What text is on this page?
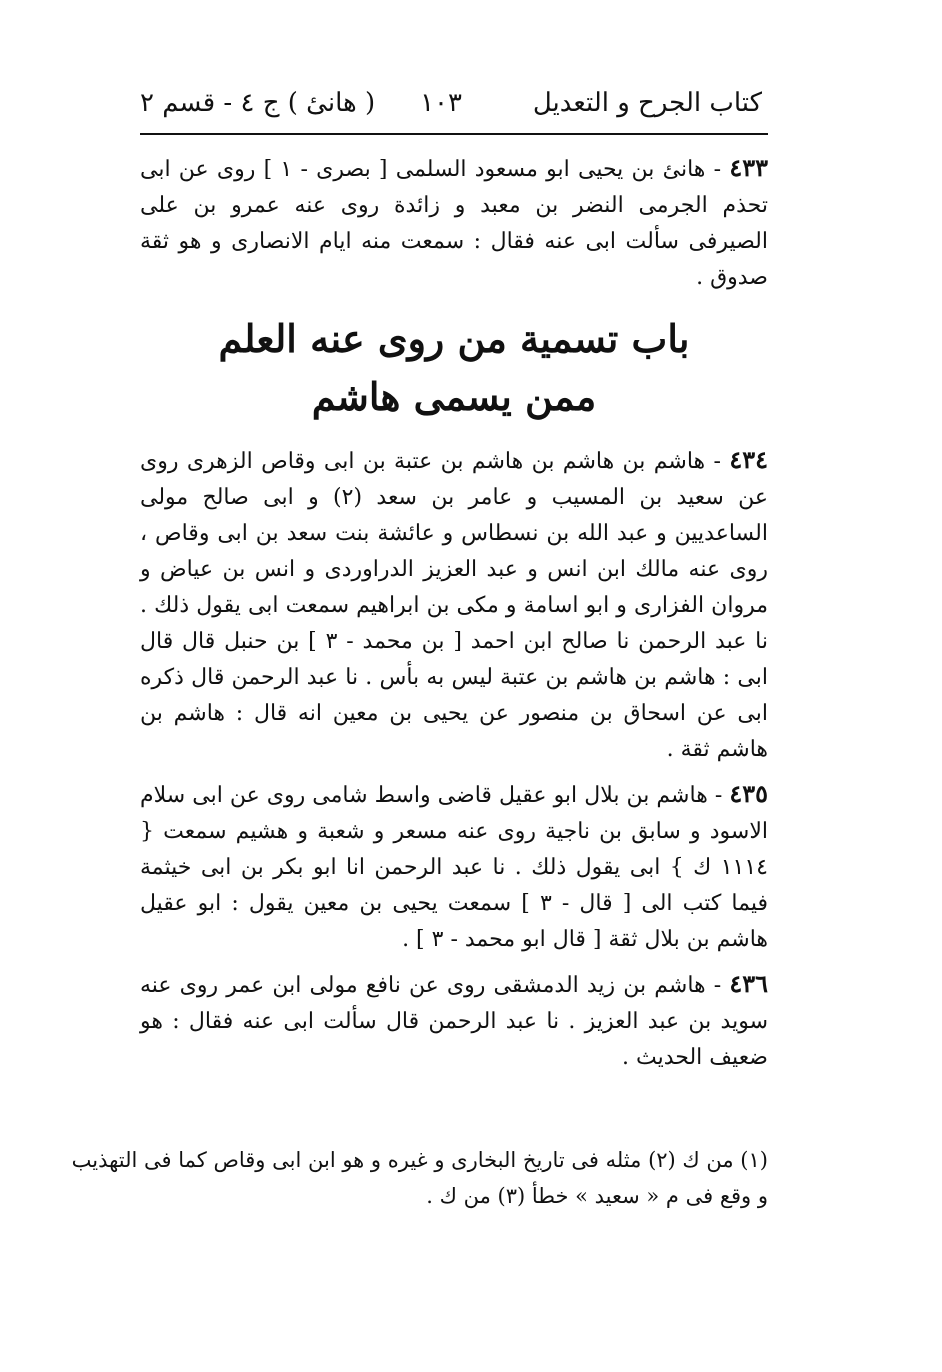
كتاب الجرح و التعديل
١٠٣
( هانیٔ ) ج ٤ - قسم ٢

٤٣٣ - هانئ بن يحيى ابو مسعود السلمى [ بصرى - ١ ] روى عن ابى تحذم الجرمى النضر بن معبد و زائدة روى عنه عمرو بن على الصيرفى سألت ابى عنه فقال : سمعت منه ايام الانصارى و هو ثقة صدوق .

باب تسمية من روى عنه العلم
ممن يسمى هاشم

٤٣٤ - هاشم بن هاشم بن هاشم بن عتبة بن ابى وقاص الزهرى روى عن سعيد بن المسيب و عامر بن سعد (٢) و ابى صالح مولى الساعديين و عبد الله بن نسطاس و عائشة بنت سعد بن ابى وقاص ، روى عنه مالك ابن انس و عبد العزيز الدراوردى و انس بن عياض و مروان الفزارى و ابو اسامة و مكى بن ابراهيم سمعت ابى يقول ذلك . نا عبد الرحمن نا صالح ابن احمد [ بن محمد - ٣ ] بن حنبل قال قال ابى : هاشم بن هاشم بن عتبة ليس به بأس . نا عبد الرحمن قال ذكره ابى عن اسحاق بن منصور عن يحيى بن معين انه قال : هاشم بن هاشم ثقة .

٤٣٥ - هاشم بن بلال ابو عقيل قاضى واسط شامى روى عن ابى سلام الاسود و سابق بن ناجية روى عنه مسعر و شعبة و هشيم سمعت { ١١١٤ ك } ابى يقول ذلك . نا عبد الرحمن انا ابو بكر بن ابى خيثمة فيما كتب الى [ قال - ٣ ] سمعت يحيى بن معين يقول : ابو عقيل هاشم بن بلال ثقة [ قال ابو محمد - ٣ ] .

٤٣٦ - هاشم بن زيد الدمشقى روى عن نافع مولى ابن عمر روى عنه سويد بن عبد العزيز . نا عبد الرحمن قال سألت ابى عنه فقال : هو ضعيف الحديث .

(١) من ك (٢) مثله فى تاريخ البخارى و غيره و هو ابن ابى وقاص كما فى التهذيب
و وقع فى م « سعيد » خطأ (٣) من ك .
